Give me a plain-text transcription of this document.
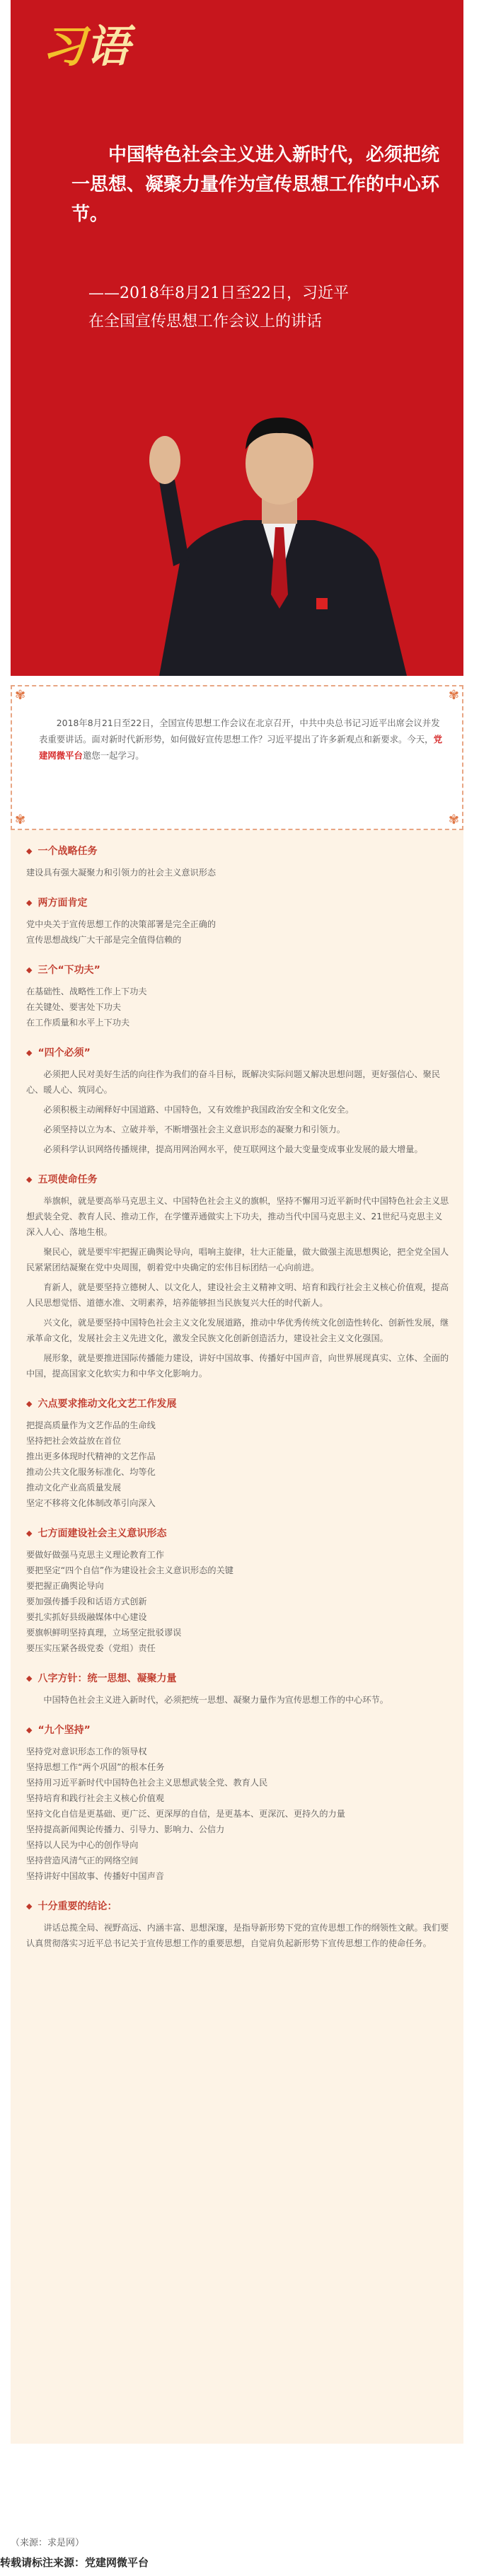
习语
中国特色社会主义进入新时代，必须把统一思想、凝聚力量作为宣传思想工作的中心环节。
——2018年8月21日至22日，习近平
在全国宣传思想工作会议上的讲话
✾	✾
✾	✾

2018年8月21日至22日，全国宣传思想工作会议在北京召开，中共中央总书记习近平出席会议并发表重要讲话。面对新时代新形势，如何做好宣传思想工作？习近平提出了许多新观点和新要求。今天，党建网微平台邀您一起学习。

◆ 一个战略任务

建设具有强大凝聚力和引领力的社会主义意识形态

◆ 两方面肯定

党中央关于宣传思想工作的决策部署是完全正确的

宣传思想战线广大干部是完全值得信赖的

◆ 三个“下功夫”

在基础性、战略性工作上下功夫

在关键处、要害处下功夫

在工作质量和水平上下功夫

◆ “四个必须”

必须把人民对美好生活的向往作为我们的奋斗目标，既解决实际问题又解决思想问题，更好强信心、聚民心、暖人心、筑同心。

必须积极主动阐释好中国道路、中国特色，又有效维护我国政治安全和文化安全。

必须坚持以立为本、立破并举，不断增强社会主义意识形态的凝聚力和引领力。

必须科学认识网络传播规律，提高用网治网水平，使互联网这个最大变量变成事业发展的最大增量。

◆ 五项使命任务

举旗帜，就是要高举马克思主义、中国特色社会主义的旗帜，坚持不懈用习近平新时代中国特色社会主义思想武装全党、教育人民、推动工作，在学懂弄通做实上下功夫，推动当代中国马克思主义、21世纪马克思主义深入人心、落地生根。

聚民心，就是要牢牢把握正确舆论导向，唱响主旋律，壮大正能量，做大做强主流思想舆论，把全党全国人民紧紧团结凝聚在党中央周围，朝着党中央确定的宏伟目标团结一心向前进。

育新人，就是要坚持立德树人、以文化人，建设社会主义精神文明、培育和践行社会主义核心价值观，提高人民思想觉悟、道德水准、文明素养，培养能够担当民族复兴大任的时代新人。

兴文化，就是要坚持中国特色社会主义文化发展道路，推动中华优秀传统文化创造性转化、创新性发展，继承革命文化，发展社会主义先进文化，激发全民族文化创新创造活力，建设社会主义文化强国。

展形象，就是要推进国际传播能力建设，讲好中国故事、传播好中国声音，向世界展现真实、立体、全面的中国，提高国家文化软实力和中华文化影响力。

◆ 六点要求推动文化文艺工作发展

把提高质量作为文艺作品的生命线

坚持把社会效益放在首位

推出更多体现时代精神的文艺作品

推动公共文化服务标准化、均等化

推动文化产业高质量发展

坚定不移将文化体制改革引向深入

◆ 七方面建设社会主义意识形态

要做好做强马克思主义理论教育工作

要把坚定“四个自信”作为建设社会主义意识形态的关键

要把握正确舆论导向

要加强传播手段和话语方式创新

要扎实抓好县级融媒体中心建设

要旗帜鲜明坚持真理，立场坚定批驳谬误

要压实压紧各级党委（党组）责任

◆ 八字方针：统一思想、凝聚力量

中国特色社会主义进入新时代，必须把统一思想、凝聚力量作为宣传思想工作的中心环节。

◆ “九个坚持”

坚持党对意识形态工作的领导权

坚持思想工作“两个巩固”的根本任务

坚持用习近平新时代中国特色社会主义思想武装全党、教育人民

坚持培育和践行社会主义核心价值观

坚持文化自信是更基础、更广泛、更深厚的自信，是更基本、更深沉、更持久的力量

坚持提高新闻舆论传播力、引导力、影响力、公信力

坚持以人民为中心的创作导向

坚持营造风清气正的网络空间

坚持讲好中国故事、传播好中国声音

◆ 十分重要的结论：

讲话总揽全局、视野高远、内涵丰富、思想深邃，是指导新形势下党的宣传思想工作的纲领性文献。我们要认真贯彻落实习近平总书记关于宣传思想工作的重要思想，自觉肩负起新形势下宣传思想工作的使命任务。

（来源：求是网）
转载请标注来源：党建网微平台
